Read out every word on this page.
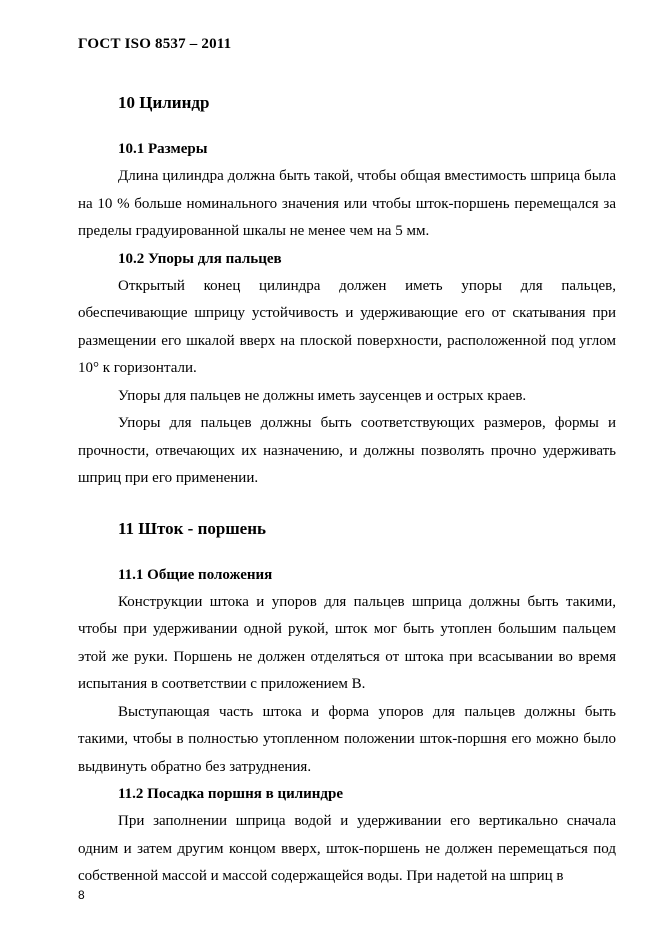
ГОСТ ISO 8537 – 2011
10 Цилиндр
10.1 Размеры

Длина цилиндра должна быть такой, чтобы общая вместимость шприца была на 10 % больше номинального значения или чтобы шток-поршень перемещался за пределы градуированной шкалы не менее чем на 5 мм.

10.2 Упоры для пальцев

Открытый конец цилиндра должен иметь упоры для пальцев, обеспечивающие шприцу устойчивость и удерживающие его от скатывания при размещении его шкалой вверх на плоской поверхности, расположенной под углом 10° к горизонтали.

Упоры для пальцев не должны иметь заусенцев и острых краев.

Упоры для пальцев должны быть соответствующих размеров, формы и прочности, отвечающих их назначению, и должны позволять прочно удерживать шприц при его применении.

11 Шток - поршень
11.1 Общие положения

Конструкции штока и упоров для пальцев шприца должны быть такими, чтобы при удерживании одной рукой, шток мог быть утоплен большим пальцем этой же руки. Поршень не должен отделяться от штока при всасывании во время испытания в соответствии с приложением В.

Выступающая часть штока и форма упоров для пальцев должны быть такими, чтобы в полностью утопленном положении шток-поршня его можно было выдвинуть обратно без затруднения.

11.2 Посадка поршня в цилиндре

При заполнении шприца водой и удерживании его вертикально сначала одним и затем другим концом вверх, шток-поршень не должен перемещаться под собственной массой и массой содержащейся воды. При надетой на шприц в

8
